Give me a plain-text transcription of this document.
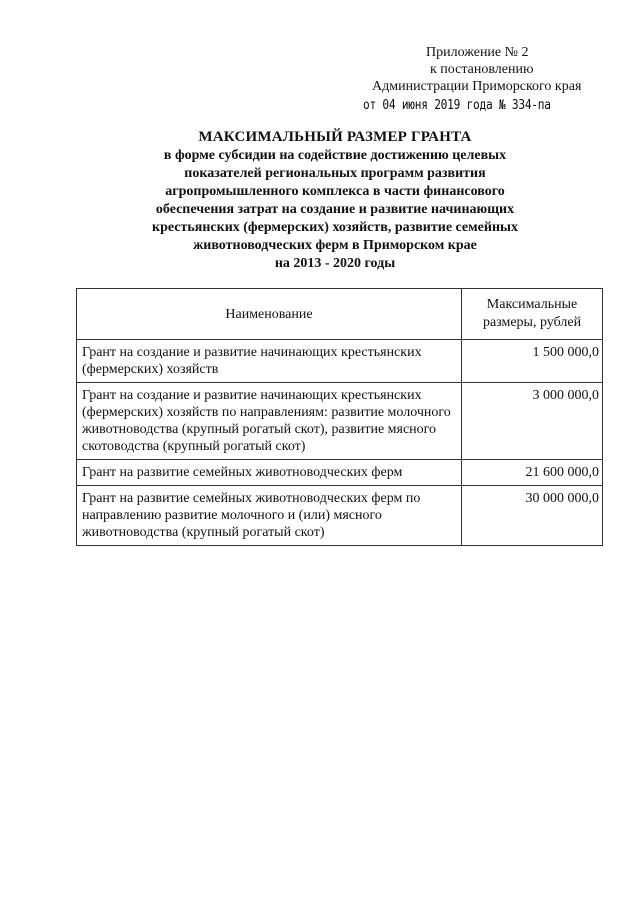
Приложение № 2
к постановлению
Администрации Приморского края
от 04 июня 2019 года № 334-па
МАКСИМАЛЬНЫЙ РАЗМЕР ГРАНТА
в форме субсидии на содействие достижению целевых
показателей региональных программ развития
агропромышленного комплекса в части финансового
обеспечения затрат на создание и развитие начинающих
крестьянских (фермерских) хозяйств, развитие семейных
животноводческих ферм в Приморском крае
на 2013 - 2020 годы
Наименование	Максимальные
размеры, рублей

Грант на создание и развитие начинающих крестьянских (фермерских) хозяйств	1 500 000,0
Грант на создание и развитие начинающих крестьянских (фермерских) хозяйств по направлениям: развитие молочного животноводства (крупный рогатый скот), развитие мясного скотоводства (крупный рогатый скот)	3 000 000,0
Грант на развитие семейных животноводческих ферм	21 600 000,0
Грант на развитие семейных животноводческих ферм по направлению развитие молочного и (или) мясного животноводства (крупный рогатый скот)	30 000 000,0
